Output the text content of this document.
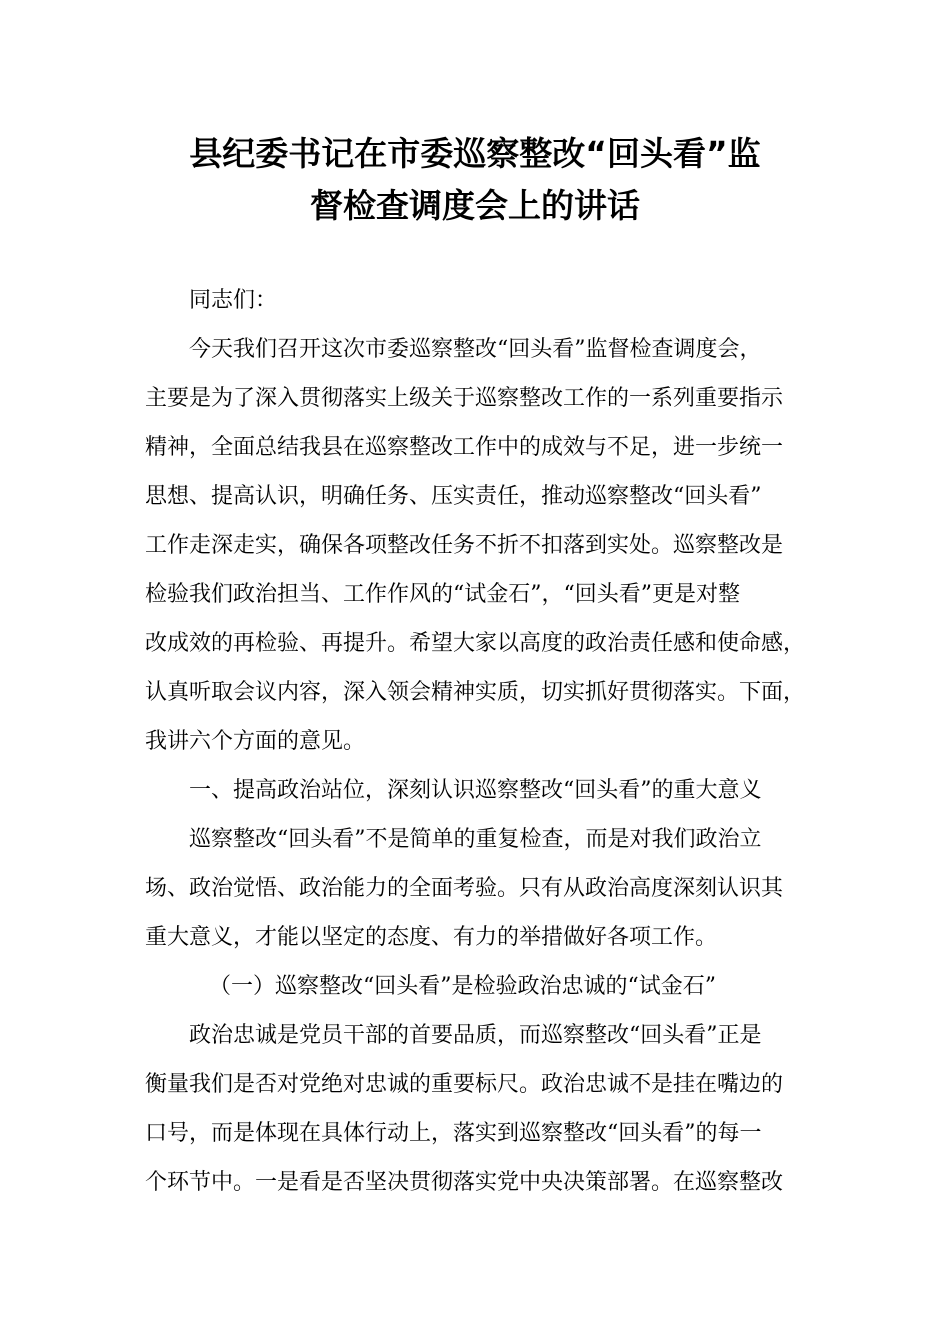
县纪委书记在市委巡察整改“回头看”监
督检查调度会上的讲话
同志们：
今天我们召开这次市委巡察整改“回头看”监督检查调度会，
主要是为了深入贯彻落实上级关于巡察整改工作的一系列重要指示
精神，全面总结我县在巡察整改工作中的成效与不足，进一步统一
思想、提高认识，明确任务、压实责任，推动巡察整改“回头看”
工作走深走实，确保各项整改任务不折不扣落到实处。巡察整改是
检验我们政治担当、工作作风的“试金石”，“回头看”更是对整
改成效的再检验、再提升。希望大家以高度的政治责任感和使命感，
认真听取会议内容，深入领会精神实质，切实抓好贯彻落实。下面，
我讲六个方面的意见。
一、提高政治站位，深刻认识巡察整改“回头看”的重大意义
巡察整改“回头看”不是简单的重复检查，而是对我们政治立
场、政治觉悟、政治能力的全面考验。只有从政治高度深刻认识其
重大意义，才能以坚定的态度、有力的举措做好各项工作。
（一）巡察整改“回头看”是检验政治忠诚的“试金石”
政治忠诚是党员干部的首要品质，而巡察整改“回头看”正是
衡量我们是否对党绝对忠诚的重要标尺。政治忠诚不是挂在嘴边的
口号，而是体现在具体行动上，落实到巡察整改“回头看”的每一
个环节中。一是看是否坚决贯彻落实党中央决策部署。在巡察整改
